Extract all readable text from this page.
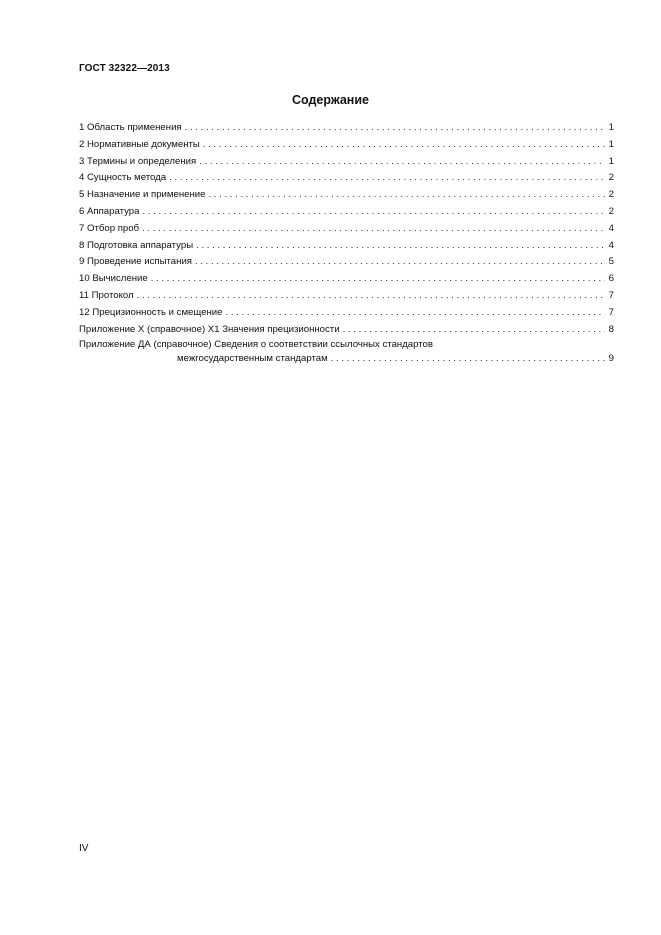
ГОСТ 32322—2013
Содержание
1 Область применения . . .	1
2 Нормативные документы . . .	1
3 Термины и определения . . .	1
4 Сущность метода . . .	2
5 Назначение и применение . . .	2
6 Аппаратура . . .	2
7 Отбор проб . . .	4
8 Подготовка аппаратуры . . .	4
9 Проведение испытания . . .	5
10 Вычисление . . .	6
11 Протокол . . .	7
12 Прецизионность и смещение . . .	7
Приложение X (справочное) X1 Значения прецизионности . . .	8
Приложение ДА (справочное) Сведения о соответствии ссылочных стандартов
межгосударственным стандартам . . .	9
IV
